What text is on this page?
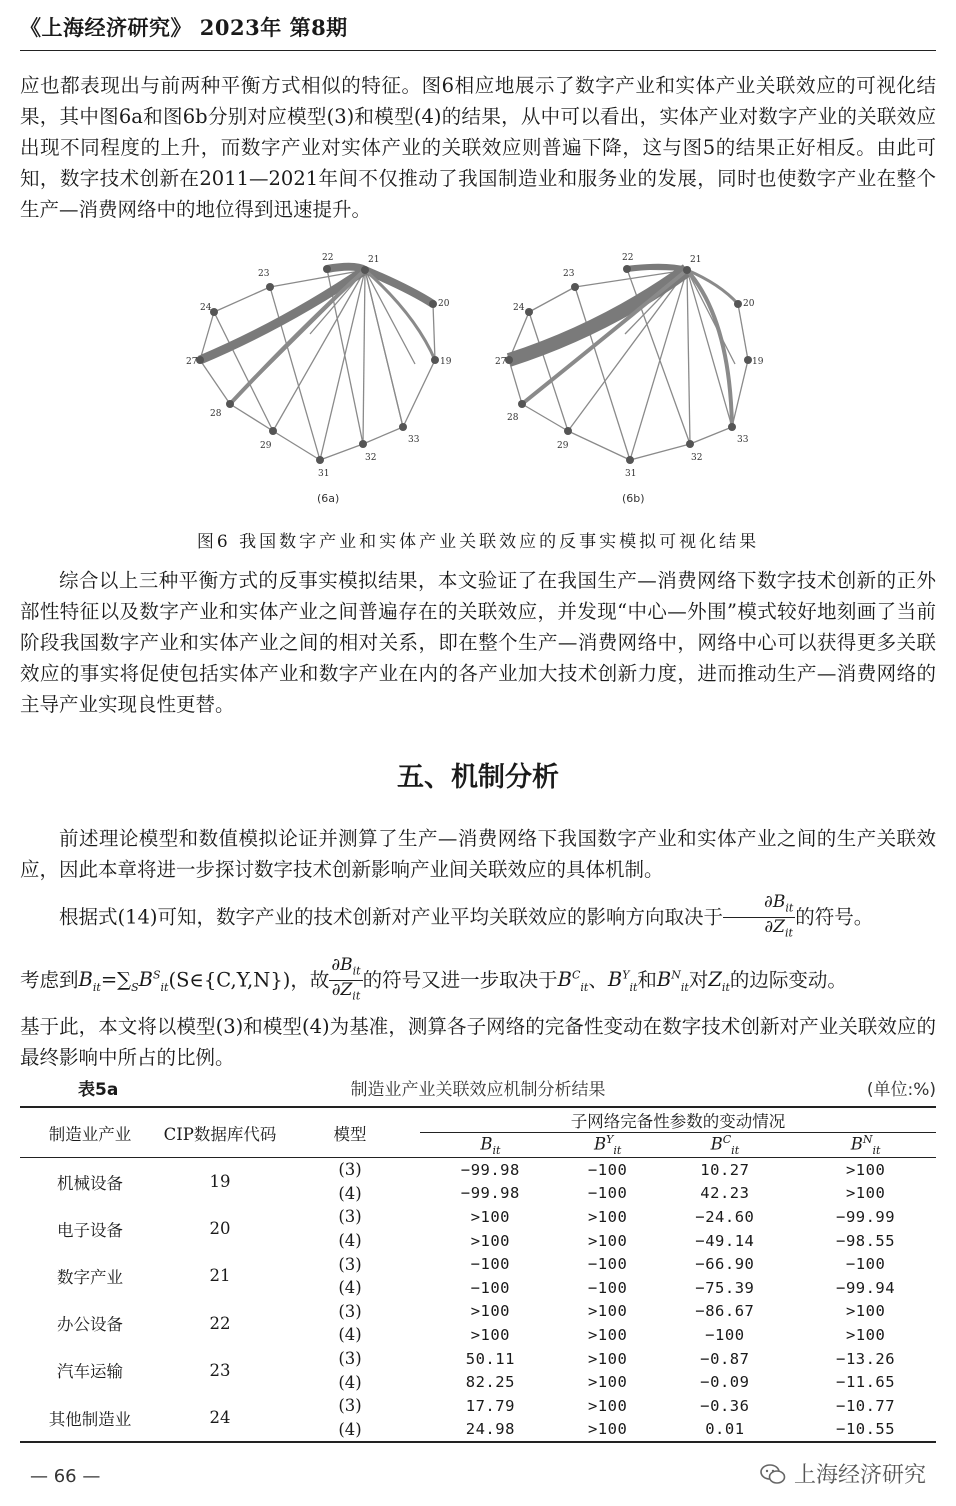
《上海经济研究》 2023年 第8期

应也都表现出与前两种平衡方式相似的特征。图6相应地展示了数字产业和实体产业关联效应的可视化结果，其中图6a和图6b分别对应模型(3)和模型(4)的结果，从中可以看出，实体产业对数字产业的关联效应出现不同程度的上升，而数字产业对实体产业的关联效应则普遍下降，这与图5的结果正好相反。由此可知，数字技术创新在2011—2021年间不仅推动了我国制造业和服务业的发展，同时也使数字产业在整个生产—消费网络中的地位得到迅速提升。

22	21
20
19
33
32
31
29
28
27
24
23
(6a)
22	21
20
19
33
32
31
29
28
27
24
23
(6b)
图6 我国数字产业和实体产业关联效应的反事实模拟可视化结果

综合以上三种平衡方式的反事实模拟结果，本文验证了在我国生产—消费网络下数字技术创新的正外部性特征以及数字产业和实体产业之间普遍存在的关联效应，并发现“中心—外围”模式较好地刻画了当前阶段我国数字产业和实体产业之间的相对关系，即在整个生产—消费网络中，网络中心可以获得更多关联效应的事实将促使包括实体产业和数字产业在内的各产业加大技术创新力度，进而推动生产—消费网络的主导产业实现良性更替。

五、机制分析

前述理论模型和数值模拟论证并测算了生产—消费网络下我国数字产业和实体产业之间的生产关联效应，因此本章将进一步探讨数字技术创新影响产业间关联效应的具体机制。

根据式(14)可知，数字产业的技术创新对产业平均关联效应的影响方向取决于 $\frac{\partial B_{it}}{\partial Z_{it}}$ 的符号。

考虑到$B_{it}=\sum_SB^S_{it}(S\in\{C,Y,N\})$，故 $\frac{\partial B_{it}}{\partial Z_{it}}$ 的符号又进一步取决于$B^C_{it}$、$B^Y_{it}$和$B^N_{it}$对$Z_{it}$的边际变动。

基于此，本文将以模型(3)和模型(4)为基准，测算各子网络的完备性变动在数字技术创新对产业关联效应的最终影响中所占的比例。

表5a	制造业产业关联效应机制分析结果	(单位:%)
制造业产业	CIP数据库代码	模型	子网络完备性参数的变动情况			
			$B_{it}$	$B^Y_{it}$	$B^C_{it}$	$B^N_{it}$
机械设备	19	(3)	−99.98	−100	10.27	>100
		(4)	−99.98	−100	42.23	>100
电子设备	20	(3)	>100	>100	−24.60	−99.99
		(4)	>100	>100	−49.14	−98.55
数字产业	21	(3)	−100	−100	−66.90	−100
		(4)	−100	−100	−75.39	−99.94
办公设备	22	(3)	>100	>100	−86.67	>100
		(4)	>100	>100	−100	>100
汽车运输	23	(3)	50.11	>100	−0.87	−13.26
		(4)	82.25	>100	−0.09	−11.65
其他制造业	24	(3)	17.79	>100	−0.36	−10.77
		(4)	24.98	>100	0.01	−10.55
— 66 —	上海经济研究
